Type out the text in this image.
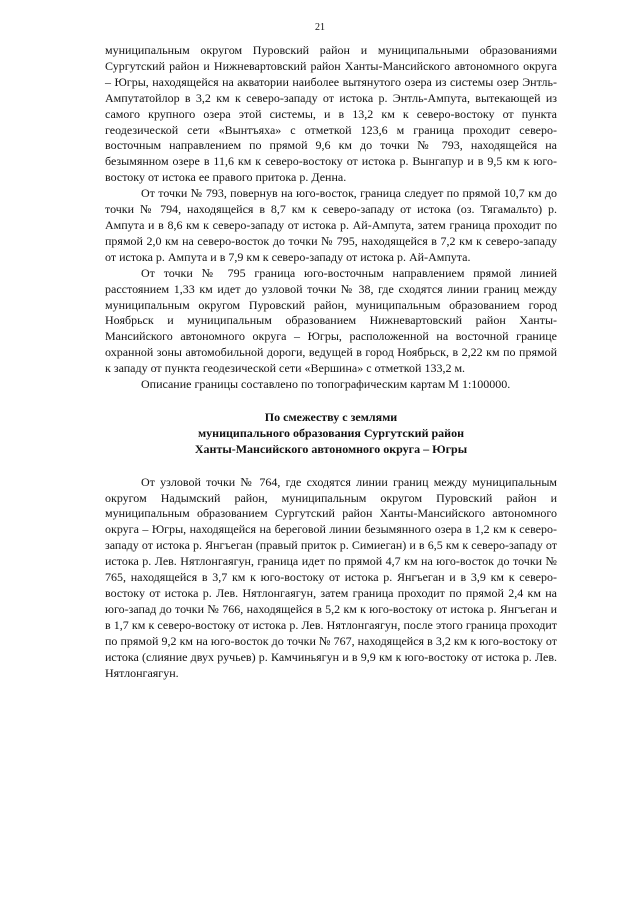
21

муниципальным округом Пуровский район и муниципальными образованиями Сургутский район и Нижневартовский район Ханты-Мансийского автономного округа – Югры, находящейся на акватории наиболее вытянутого озера из системы озер Энтль-Ампутатойлор в 3,2 км к северо-западу от истока р. Энтль-Ампута, вытекающей из самого крупного озера этой системы, и в 13,2 км к северо-востоку от пункта геодезической сети «Вынтъяха» с отметкой 123,6 м граница проходит северо-восточным направлением по прямой 9,6 км до точки № 793, находящейся на безымянном озере в 11,6 км к северо-востоку от истока р. Вынгапур и в 9,5 км к юго-востоку от истока ее правого притока р. Денна.

От точки № 793, повернув на юго-восток, граница следует по прямой 10,7 км до точки № 794, находящейся в 8,7 км к северо-западу от истока (оз. Тягамальто) р. Ампута и в 8,6 км к северо-западу от истока р. Ай-Ампута, затем граница проходит по прямой 2,0 км на северо-восток до точки № 795, находящейся в 7,2 км к северо-западу от истока р. Ампута и в 7,9 км к северо-западу от истока р. Ай-Ампута.

От точки № 795 граница юго-восточным направлением прямой линией расстоянием 1,33 км идет до узловой точки № 38, где сходятся линии границ между муниципальным округом Пуровский район, муниципальным образованием город Ноябрьск и муниципальным образованием Нижневартовский район Ханты-Мансийского автономного округа – Югры, расположенной на восточной границе охранной зоны автомобильной дороги, ведущей в город Ноябрьск, в 2,22 км по прямой к западу от пункта геодезической сети «Вершина» с отметкой 133,2 м.

Описание границы составлено по топографическим картам М 1:100000.

По смежеству с землями
муниципального образования Сургутский район
Ханты-Мансийского автономного округа – Югры

От узловой точки № 764, где сходятся линии границ между муниципальным округом Надымский район, муниципальным округом Пуровский район и муниципальным образованием Сургутский район Ханты-Мансийского автономного округа – Югры, находящейся на береговой линии безымянного озера в 1,2 км к северо-западу от истока р. Янгъеган (правый приток р. Симиеган) и в 6,5 км к северо-западу от истока р. Лев. Нятлонгаягун, граница идет по прямой 4,7 км на юго-восток до точки № 765, находящейся в 3,7 км к юго-востоку от истока р. Янгъеган и в 3,9 км к северо-востоку от истока р. Лев. Нятлонгаягун, затем граница проходит по прямой 2,4 км на юго-запад до точки № 766, находящейся в 5,2 км к юго-востоку от истока р. Янгъеган и в 1,7 км к северо-востоку от истока р. Лев. Нятлонгаягун, после этого граница проходит по прямой 9,2 км на юго-восток до точки № 767, находящейся в 3,2 км к юго-востоку от истока (слияние двух ручьев) р. Камчиньягун и в 9,9 км к юго-востоку от истока р. Лев. Нятлонгаягун.
